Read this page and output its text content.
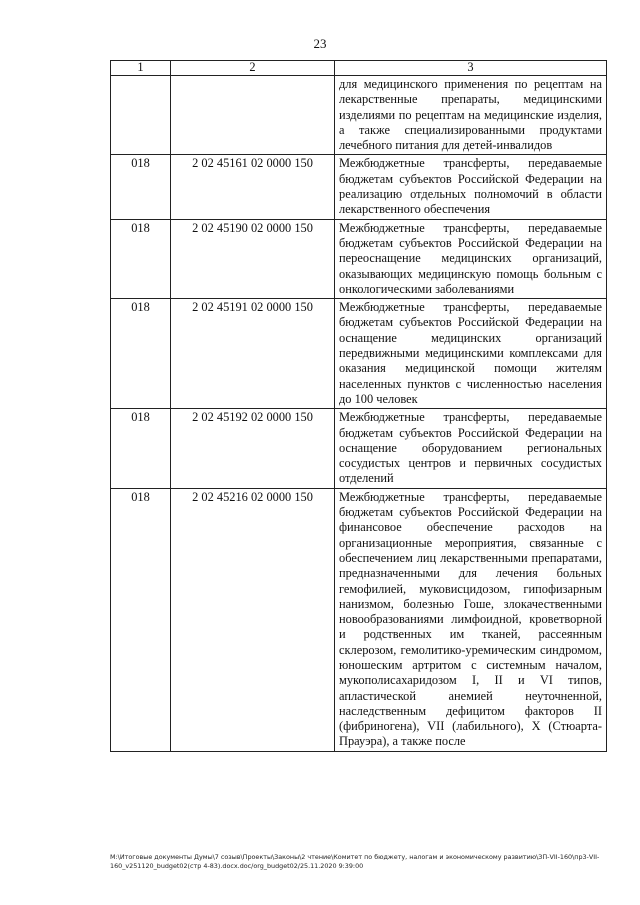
23
1	2	3
		для медицинского применения по рецептам на лекарственные препараты, медицинскими изделиями по рецептам на медицинские изделия, а также специализированными продуктами лечебного питания для детей-инвалидов
018	2 02 45161 02 0000 150	Межбюджетные трансферты, передаваемые бюджетам субъектов Российской Федерации на реализацию отдельных полномочий в области лекарственного обеспечения
018	2 02 45190 02 0000 150	Межбюджетные трансферты, передаваемые бюджетам субъектов Российской Федерации на переоснащение медицинских организаций, оказывающих медицинскую помощь больным с онкологическими заболеваниями
018	2 02 45191 02 0000 150	Межбюджетные трансферты, передаваемые бюджетам субъектов Российской Федерации на оснащение медицинских организаций передвижными медицинскими комплексами для оказания медицинской помощи жителям населенных пунктов с численностью населения до 100 человек
018	2 02 45192 02 0000 150	Межбюджетные трансферты, передаваемые бюджетам субъектов Российской Федерации на оснащение оборудованием региональных сосудистых центров и первичных сосудистых отделений
018	2 02 45216 02 0000 150	Межбюджетные трансферты, передаваемые бюджетам субъектов Российской Федерации на финансовое обеспечение расходов на организационные мероприятия, связанные с обеспечением лиц лекарственными препаратами, предназначенными для лечения больных гемофилией, муковисцидозом, гипофизарным нанизмом, болезнью Гоше, злокачественными новообразованиями лимфоидной, кроветворной и родственных им тканей, рассеянным склерозом, гемолитико-уремическим синдромом, юношеским артритом с системным началом, мукополисахаридозом I, II и VI типов, апластической анемией неуточненной, наследственным дефицитом факторов II (фибриногена), VII (лабильного), X (Стюарта-Прауэра), а также после
M:\Итоговые документы Думы\7 созыв\Проекты\Законы\2 чтение\Комитет по бюджету, налогам и экономическому развитию\ЗП-VII-160\пр3-VII-160_v251120_budget02(стр 4-83).docx.doc/org_budget02/25.11.2020 9:39:00
